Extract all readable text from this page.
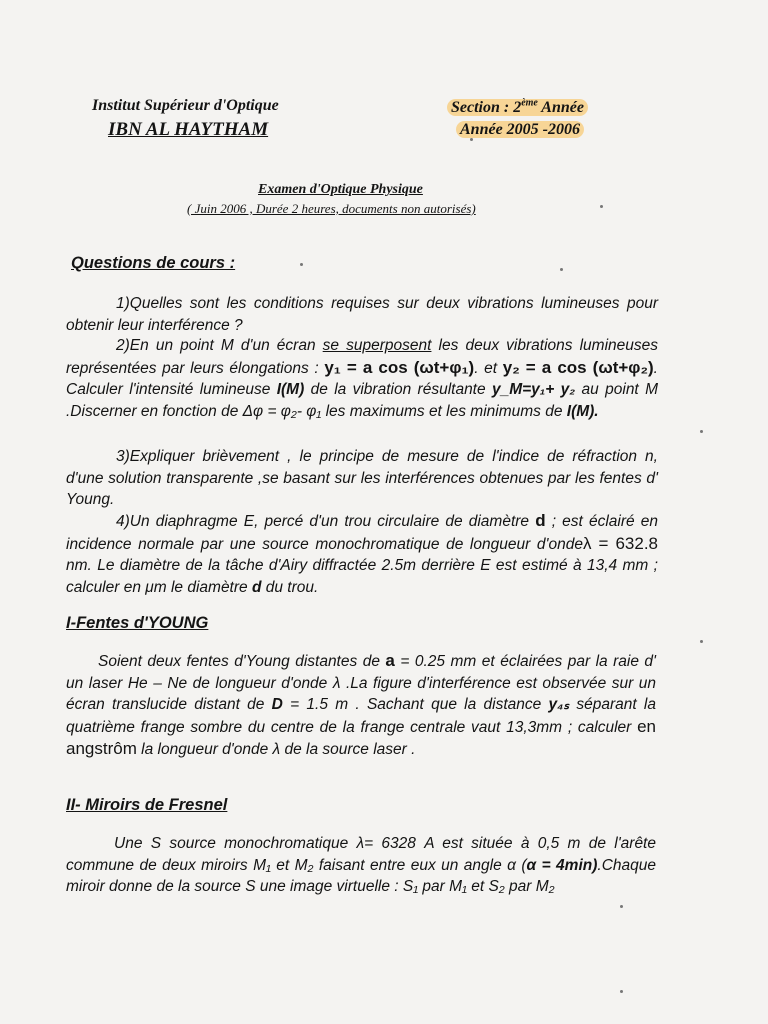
Institut Supérieur d'Optique
IBN AL HAYTHAM
Section : 2ème Année
Année 2005 -2006
Examen d'Optique Physique
( Juin 2006 , Durée 2 heures, documents non autorisés)
Questions de cours :
1)Quelles sont les conditions requises sur deux vibrations lumineuses pour obtenir leur interférence ?
2)En un point M d'un écran se superposent les deux vibrations lumineuses représentées par leurs élongations : y₁ = a cos (ωt+φ₁). et y₂ = a cos (ωt+φ₂). Calculer l'intensité lumineuse I(M) de la vibration résultante y_M=y₁+ y₂ au point M .Discerner en fonction de Δφ = φ₂- φ₁ les maximums et les minimums de I(M).
3)Expliquer brièvement , le principe de mesure de l'indice de réfraction n, d'une solution transparente ,se basant sur les interférences obtenues par les fentes d' Young.
4)Un diaphragme E, percé d'un trou circulaire de diamètre d ; est éclairé en incidence normale par une source monochromatique de longueur d'ondeλ = 632.8 nm. Le diamètre de la tâche d'Airy diffractée 2.5m derrière E est estimé à 13,4 mm ; calculer en μm le diamètre d du trou.
I-Fentes d'YOUNG
Soient deux fentes d'Young distantes de a = 0.25 mm et éclairées par la raie d' un laser He – Ne de longueur d'onde λ .La figure d'interférence est observée sur un écran translucide distant de D = 1.5 m . Sachant que la distance y₄ₛ séparant la quatrième frange sombre du centre de la frange centrale vaut 13,3mm ; calculer en angstrôm la longueur d'onde λ de la source laser .
II- Miroirs de Fresnel
Une S source monochromatique λ= 6328 A est située à 0,5 m de l'arête commune de deux miroirs M₁ et M₂ faisant entre eux un angle α (α = 4min).Chaque miroir donne de la source S une image virtuelle : S₁ par M₁ et S₂ par M₂
